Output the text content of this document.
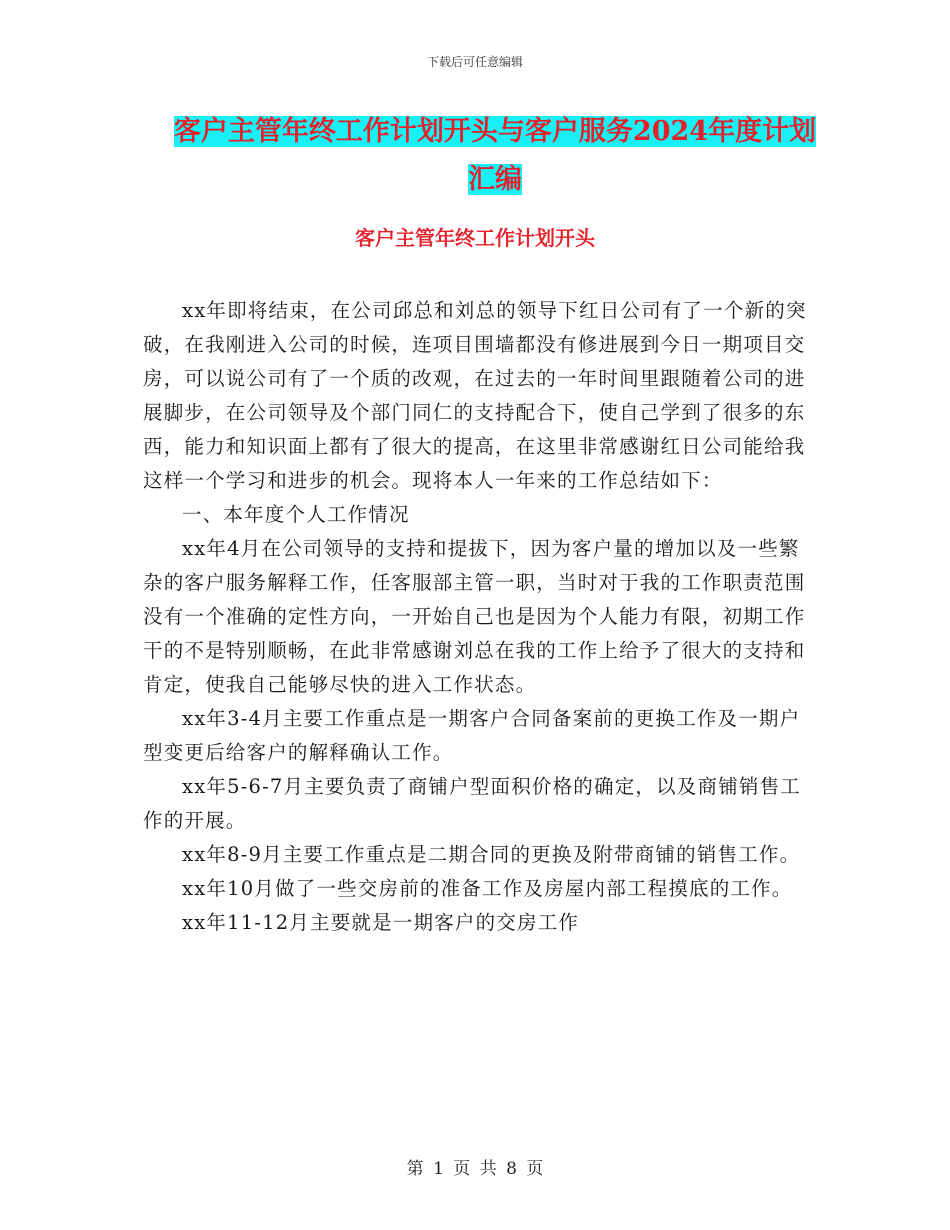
下载后可任意编辑
客户主管年终工作计划开头与客户服务2024年度计划汇编
客户主管年终工作计划开头

xx年即将结束，在公司邱总和刘总的领导下红日公司有了一个新的突破，在我刚进入公司的时候，连项目围墙都没有修进展到今日一期项目交房，可以说公司有了一个质的改观，在过去的一年时间里跟随着公司的进展脚步，在公司领导及个部门同仁的支持配合下，使自己学到了很多的东西，能力和知识面上都有了很大的提高，在这里非常感谢红日公司能给我这样一个学习和进步的机会。现将本人一年来的工作总结如下：

一、本年度个人工作情况

xx年4月在公司领导的支持和提拔下，因为客户量的增加以及一些繁杂的客户服务解释工作，任客服部主管一职，当时对于我的工作职责范围没有一个准确的定性方向，一开始自己也是因为个人能力有限，初期工作干的不是特别顺畅，在此非常感谢刘总在我的工作上给予了很大的支持和肯定，使我自己能够尽快的进入工作状态。

xx年3-4月主要工作重点是一期客户合同备案前的更换工作及一期户型变更后给客户的解释确认工作。

xx年5-6-7月主要负责了商铺户型面积价格的确定，以及商铺销售工作的开展。

xx年8-9月主要工作重点是二期合同的更换及附带商铺的销售工作。

xx年10月做了一些交房前的准备工作及房屋内部工程摸底的工作。

xx年11-12月主要就是一期客户的交房工作

第 1 页 共 8 页
